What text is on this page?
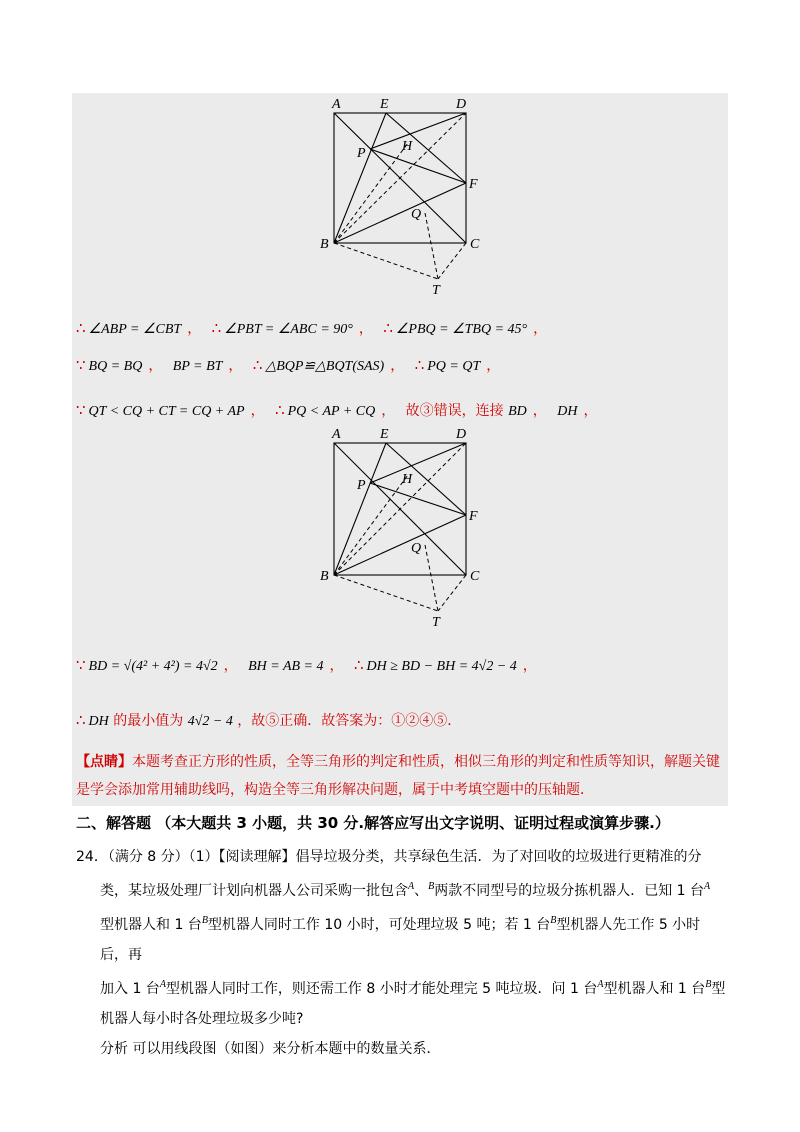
A	E	D
P	H
F
Q
B	C
T
∴ ∠ABP = ∠CBT ， ∴ ∠PBT = ∠ABC = 90° ， ∴ ∠PBQ = ∠TBQ = 45° ，
∵ BQ = BQ ， BP = BT ， ∴ △BQP≌△BQT(SAS) ， ∴ PQ = QT ，
∵ QT < CQ + CT = CQ + AP ， ∴ PQ < AP + CQ ， 故③错误，连接 BD ， DH ，
A	E	D
P	H
F
Q
B	C
T
∵ BD = √(4² + 4²) = 4√2 ， BH = AB = 4 ， ∴ DH ≥ BD − BH = 4√2 − 4 ，
∴ DH 的最小值为 4√2 − 4 ，故⑤正确．故答案为：①②④⑤．
【点睛】本题考查正方形的性质，全等三角形的判定和性质，相似三角形的判定和性质等知识，解题关键是学会添加常用辅助线吗，构造全等三角形解决问题，属于中考填空题中的压轴题．
二、解答题 （本大题共 3 小题，共 30 分.解答应写出文字说明、证明过程或演算步骤.）

24．（满分 8 分）（1）【阅读理解】倡导垃圾分类，共享绿色生活．为了对回收的垃圾进行更精准的分

类，某垃圾处理厂计划向机器人公司采购一批包含$^A$、$^B$两款不同型号的垃圾分拣机器人．已知 1 台$^A$

型机器人和 1 台$^B$型机器人同时工作 10 小时，可处理垃圾 5 吨；若 1 台$^B$型机器人先工作 5 小时后，再

加入 1 台$^A$型机器人同时工作，则还需工作 8 小时才能处理完 5 吨垃圾．问 1 台$^A$型机器人和 1 台$^B$型

机器人每小时各处理垃圾多少吨?

分析 可以用线段图（如图）来分析本题中的数量关系．
